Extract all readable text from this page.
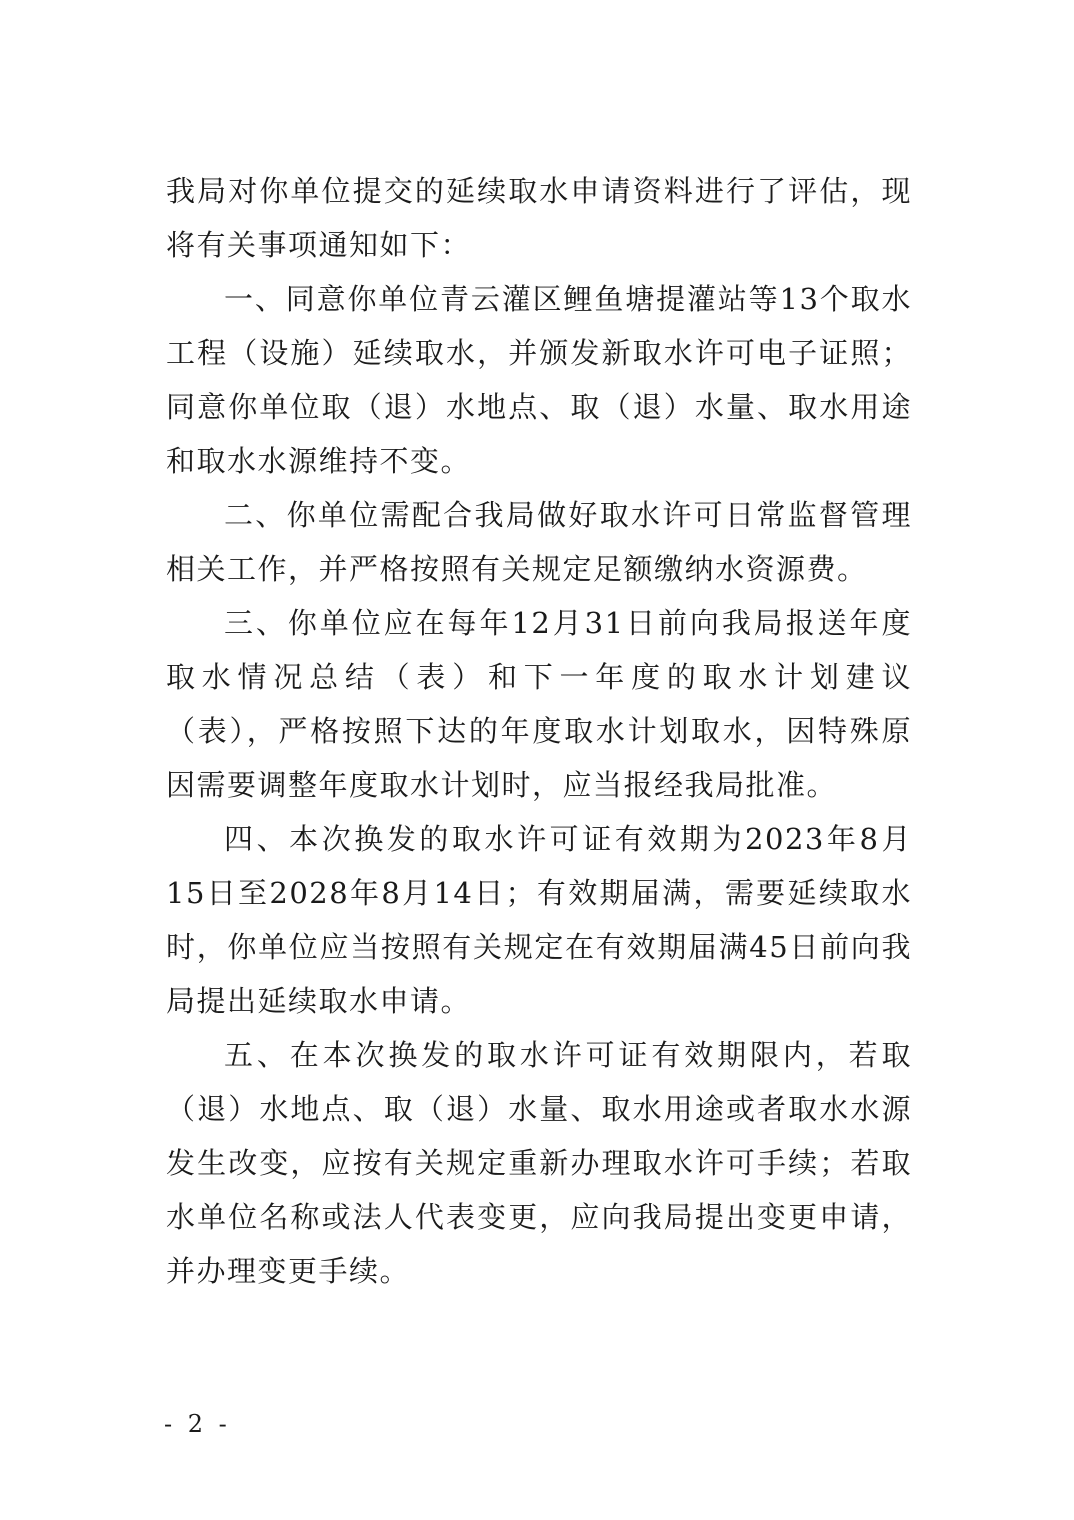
我局对你单位提交的延续取水申请资料进行了评估，现将有关事项通知如下：

一、同意你单位青云灌区鲤鱼塘提灌站等13个取水工程（设施）延续取水，并颁发新取水许可电子证照；同意你单位取（退）水地点、取（退）水量、取水用途和取水水源维持不变。

二、你单位需配合我局做好取水许可日常监督管理相关工作，并严格按照有关规定足额缴纳水资源费。

三、你单位应在每年12月31日前向我局报送年度取水情况总结（表）和下一年度的取水计划建议（表），严格按照下达的年度取水计划取水，因特殊原因需要调整年度取水计划时，应当报经我局批准。

四、本次换发的取水许可证有效期为2023年8月15日至2028年8月14日；有效期届满，需要延续取水时，你单位应当按照有关规定在有效期届满45日前向我局提出延续取水申请。

五、在本次换发的取水许可证有效期限内，若取（退）水地点、取（退）水量、取水用途或者取水水源发生改变，应按有关规定重新办理取水许可手续；若取水单位名称或法人代表变更，应向我局提出变更申请，并办理变更手续。

- 2 -
